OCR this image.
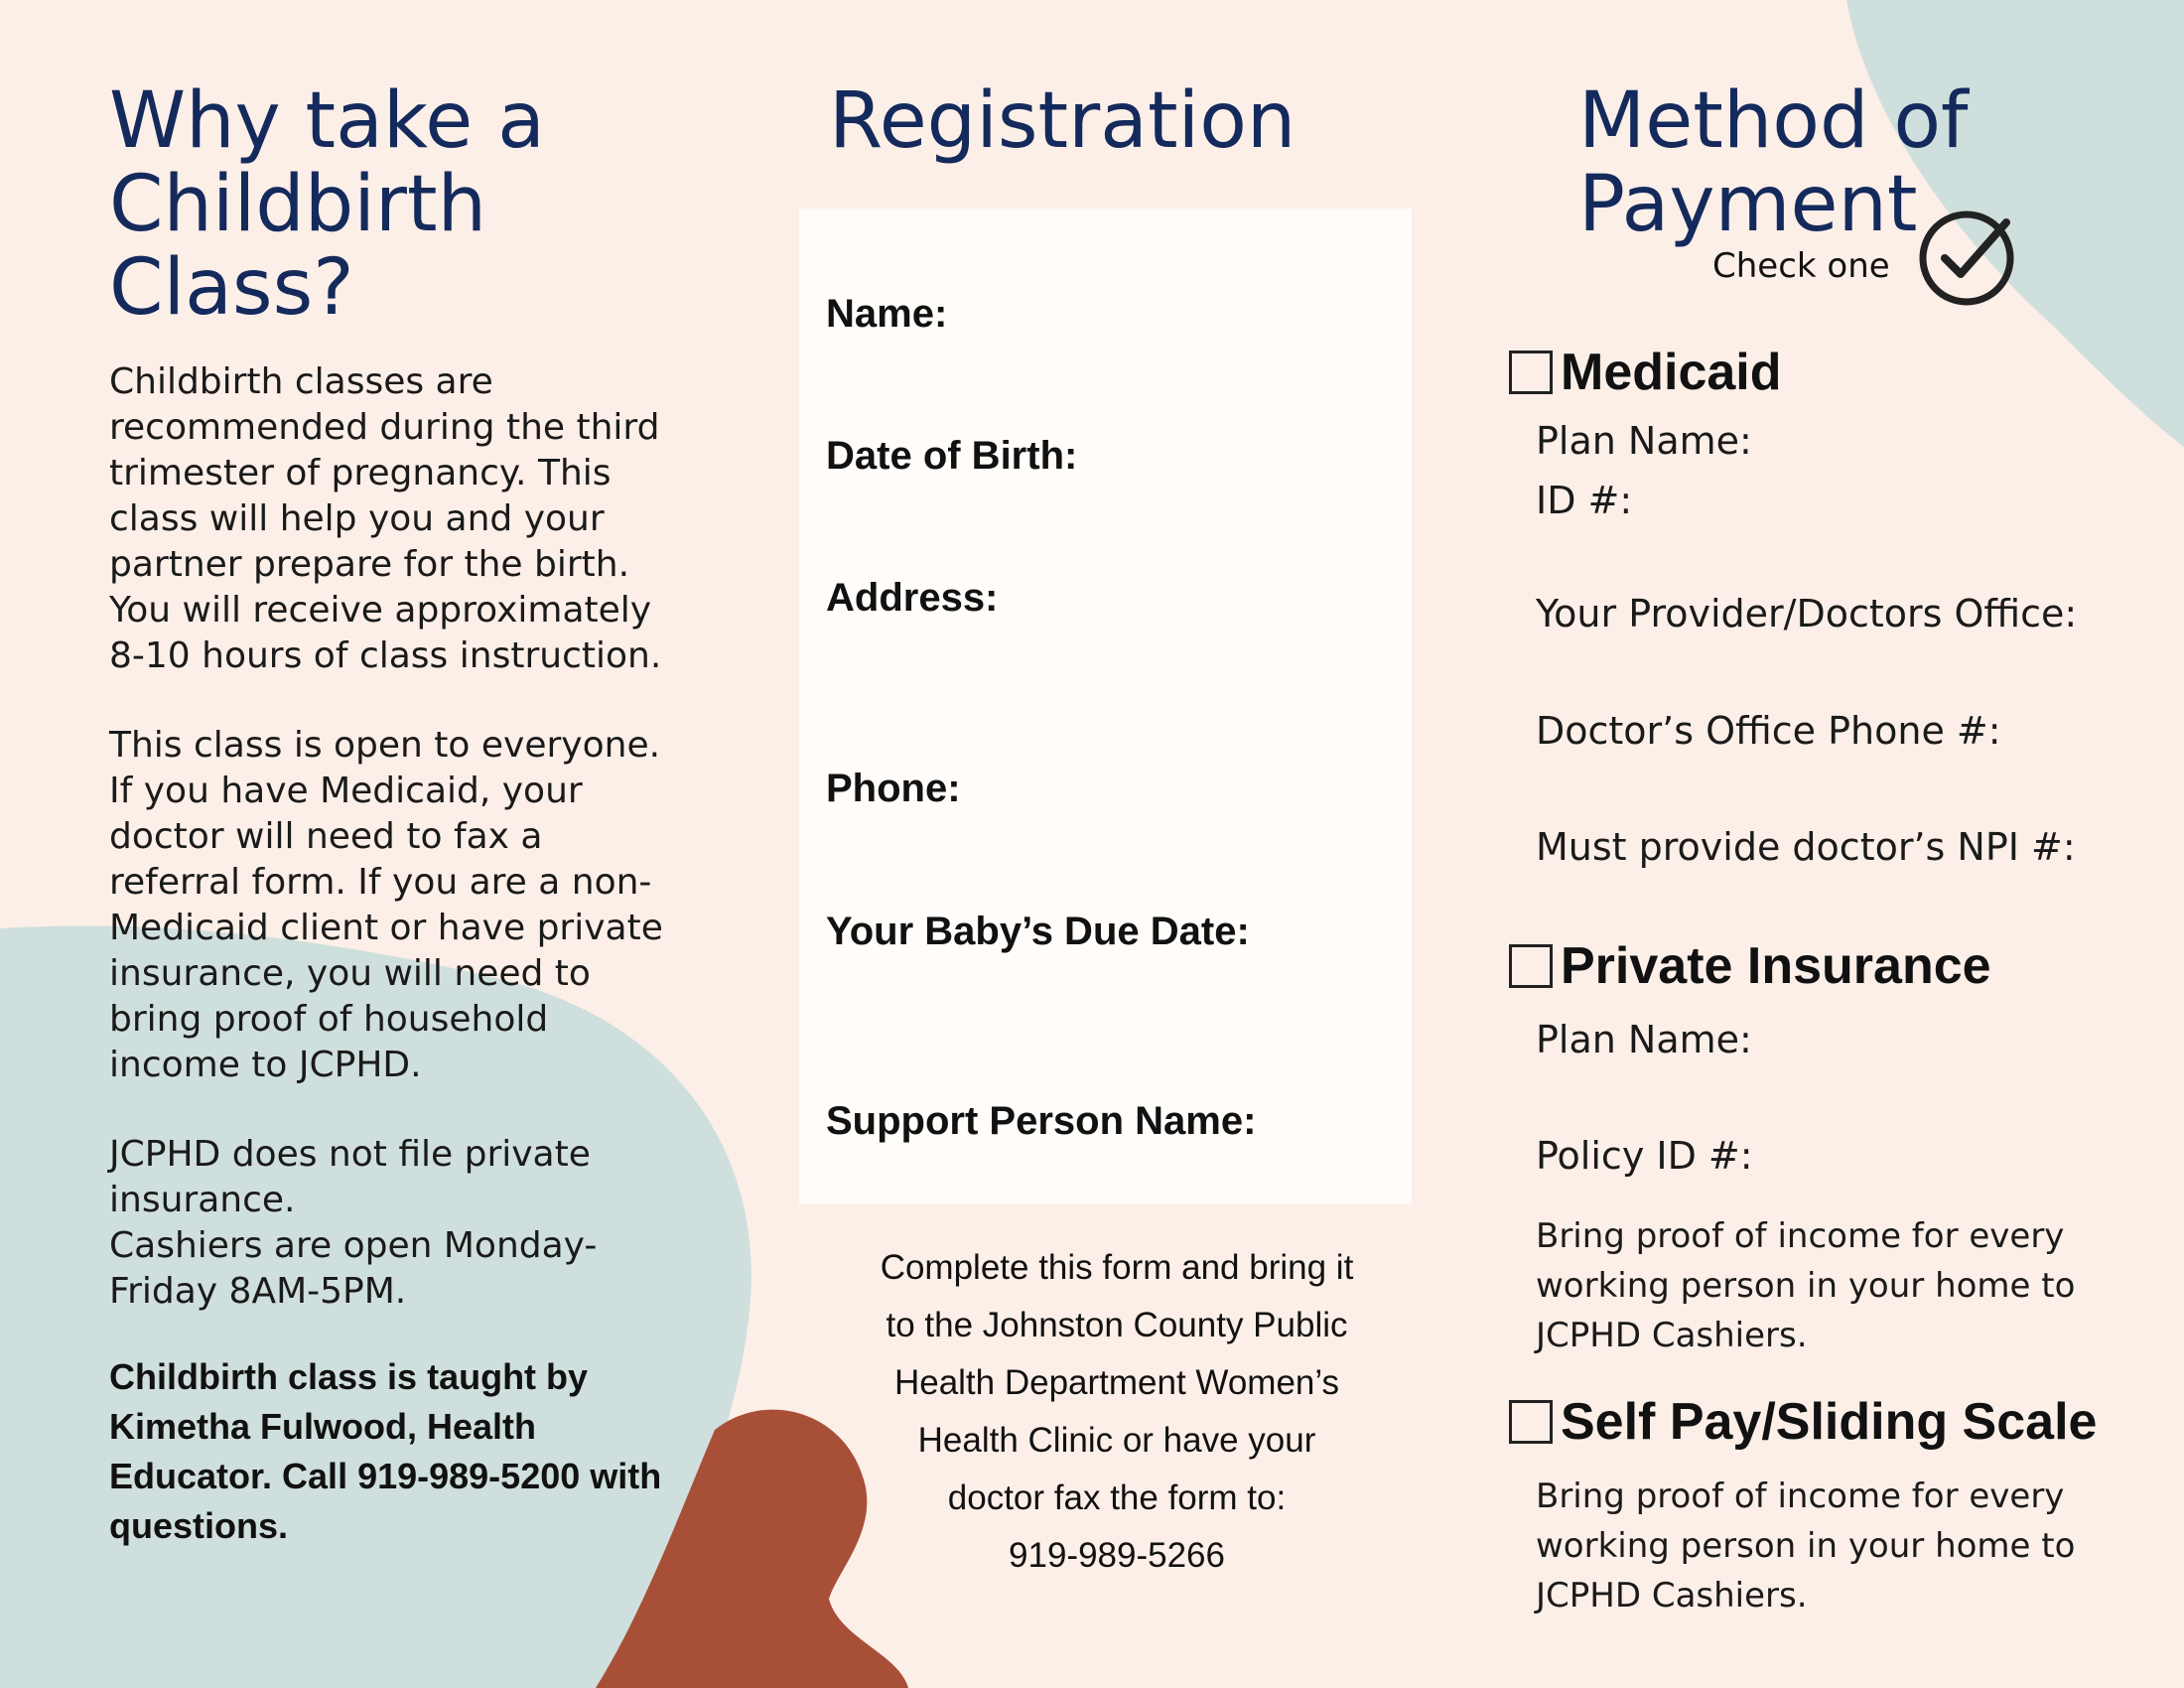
Why take a Childbirth Class?

Childbirth classes are recommended during the third trimester of pregnancy. This class will help you and your partner prepare for the birth. You will receive approximately 8-10 hours of class instruction.

This class is open to everyone. If you have Medicaid, your doctor will need to fax a referral form. If you are a non-Medicaid client or have private insurance, you will need to bring proof of household income to JCPHD.

JCPHD does not file private insurance.
Cashiers are open Monday-Friday 8AM-5PM.

Childbirth class is taught by Kimetha Fulwood, Health Educator. Call 919-989-5200 with questions.

Registration
Name:
Date of Birth:
Address:
Phone:
Your Baby’s Due Date:
Support Person Name:
Complete this form and bring it
to the Johnston County Public
Health Department Women’s
Health Clinic or have your
doctor fax the form to:
919-989-5266
Method of
Payment
Check one
Medicaid
Plan Name:
ID #:
Your Provider/Doctors Office:
Doctor’s Office Phone #:
Must provide doctor’s NPI #:
Private Insurance
Plan Name:
Policy ID #:
Bring proof of income for every working person in your home to JCPHD Cashiers.
Self Pay/Sliding Scale
Bring proof of income for every working person in your home to JCPHD Cashiers.
